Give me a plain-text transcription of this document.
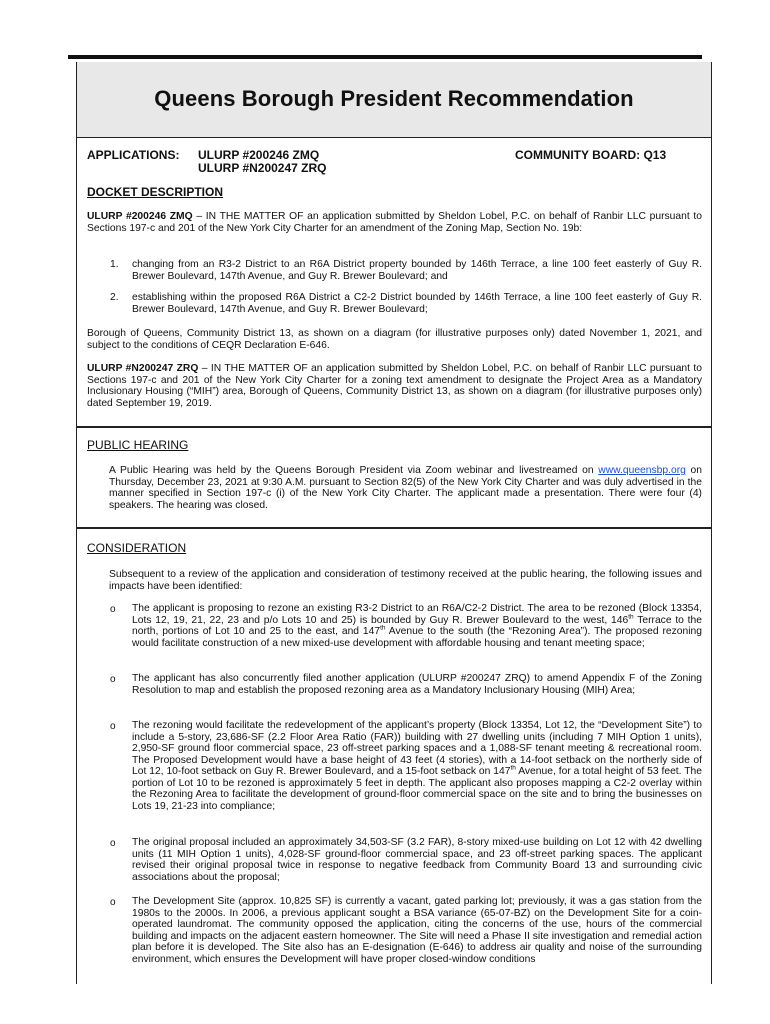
Queens Borough President Recommendation
APPLICATIONS: ULURP #200246 ZMQ
ULURP #N200247 ZRQ
COMMUNITY BOARD: Q13
DOCKET DESCRIPTION
ULURP #200246 ZMQ – IN THE MATTER OF an application submitted by Sheldon Lobel, P.C. on behalf of Ranbir LLC pursuant to Sections 197-c and 201 of the New York City Charter for an amendment of the Zoning Map, Section No. 19b:
1. changing from an R3-2 District to an R6A District property bounded by 146th Terrace, a line 100 feet easterly of Guy R. Brewer Boulevard, 147th Avenue, and Guy R. Brewer Boulevard; and
2. establishing within the proposed R6A District a C2-2 District bounded by 146th Terrace, a line 100 feet easterly of Guy R. Brewer Boulevard, 147th Avenue, and Guy R. Brewer Boulevard;
Borough of Queens, Community District 13, as shown on a diagram (for illustrative purposes only) dated November 1, 2021, and subject to the conditions of CEQR Declaration E-646.
ULURP #N200247 ZRQ – IN THE MATTER OF an application submitted by Sheldon Lobel, P.C. on behalf of Ranbir LLC pursuant to Sections 197-c and 201 of the New York City Charter for a zoning text amendment to designate the Project Area as a Mandatory Inclusionary Housing (“MIH”) area, Borough of Queens, Community District 13, as shown on a diagram (for illustrative purposes only) dated September 19, 2019.
PUBLIC HEARING
A Public Hearing was held by the Queens Borough President via Zoom webinar and livestreamed on www.queensbp.org on Thursday, December 23, 2021 at 9:30 A.M. pursuant to Section 82(5) of the New York City Charter and was duly advertised in the manner specified in Section 197-c (i) of the New York City Charter. The applicant made a presentation. There were four (4) speakers. The hearing was closed.
CONSIDERATION
Subsequent to a review of the application and consideration of testimony received at the public hearing, the following issues and impacts have been identified:
o The applicant is proposing to rezone an existing R3-2 District to an R6A/C2-2 District. The area to be rezoned (Block 13354, Lots 12, 19, 21, 22, 23 and p/o Lots 10 and 25) is bounded by Guy R. Brewer Boulevard to the west, 146th Terrace to the north, portions of Lot 10 and 25 to the east, and 147th Avenue to the south (the “Rezoning Area”). The proposed rezoning would facilitate construction of a new mixed-use development with affordable housing and tenant meeting space;
o The applicant has also concurrently filed another application (ULURP #200247 ZRQ) to amend Appendix F of the Zoning Resolution to map and establish the proposed rezoning area as a Mandatory Inclusionary Housing (MIH) Area;
o The rezoning would facilitate the redevelopment of the applicant’s property (Block 13354, Lot 12, the “Development Site”) to include a 5-story, 23,686-SF (2.2 Floor Area Ratio (FAR)) building with 27 dwelling units (including 7 MIH Option 1 units), 2,950-SF ground floor commercial space, 23 off-street parking spaces and a 1,088-SF tenant meeting & recreational room. The Proposed Development would have a base height of 43 feet (4 stories), with a 14-foot setback on the northerly side of Lot 12, 10-foot setback on Guy R. Brewer Boulevard, and a 15-foot setback on 147th Avenue, for a total height of 53 feet. The portion of Lot 10 to be rezoned is approximately 5 feet in depth. The applicant also proposes mapping a C2-2 overlay within the Rezoning Area to facilitate the development of ground-floor commercial space on the site and to bring the businesses on Lots 19, 21-23 into compliance;
o The original proposal included an approximately 34,503-SF (3.2 FAR), 8-story mixed-use building on Lot 12 with 42 dwelling units (11 MIH Option 1 units), 4,028-SF ground-floor commercial space, and 23 off-street parking spaces. The applicant revised their original proposal twice in response to negative feedback from Community Board 13 and surrounding civic associations about the proposal;
o The Development Site (approx. 10,825 SF) is currently a vacant, gated parking lot; previously, it was a gas station from the 1980s to the 2000s. In 2006, a previous applicant sought a BSA variance (65-07-BZ) on the Development Site for a coin-operated laundromat. The community opposed the application, citing the concerns of the use, hours of the commercial building and impacts on the adjacent eastern homeowner. The Site will need a Phase II site investigation and remedial action plan before it is developed. The Site also has an E-designation (E-646) to address air quality and noise of the surrounding environment, which ensures the Development will have proper closed-window conditions
